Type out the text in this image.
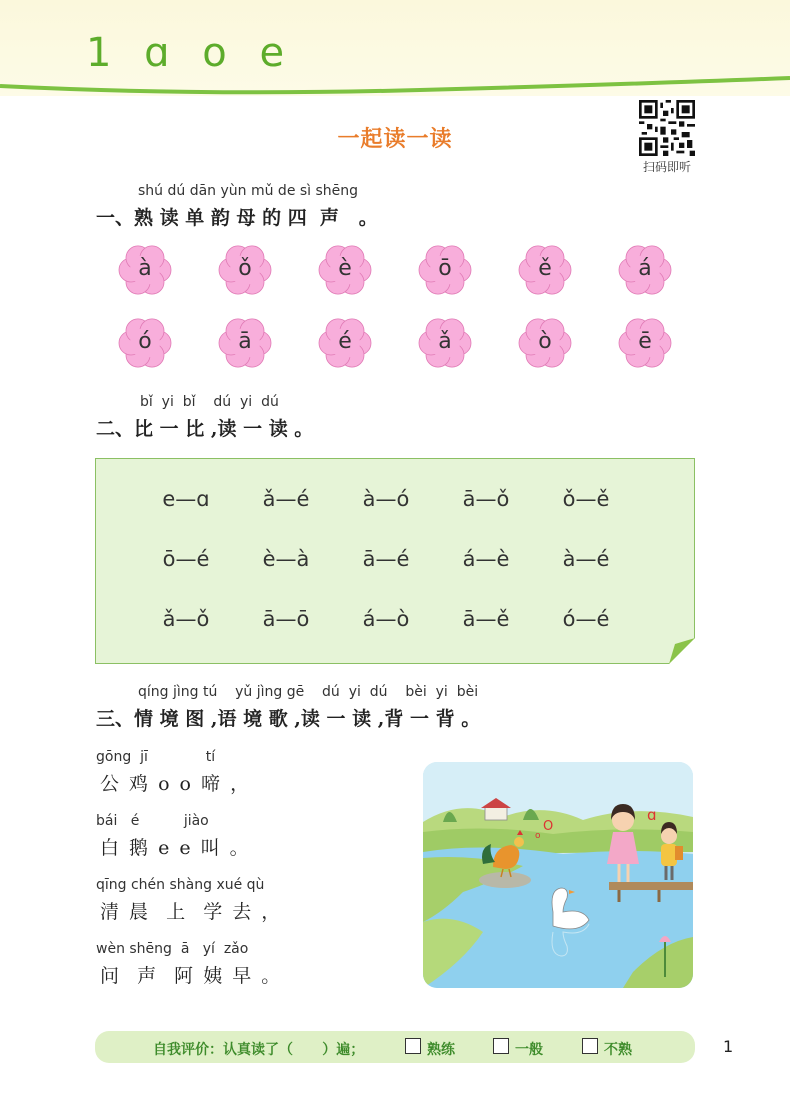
1 ɑ o e
一起读一读
扫码即听
shú dú dān yùn mǔ de sì shēng
一、熟 读 单 韵 母 的 四  声   。
à	ǒ	è	ō	ě	á
ó	ā	é	ǎ	ò	ē
bǐ  yi  bǐ    dú  yi  dú
二、比 一 比 ,读 一 读 。
e—ɑ	ǎ—é	à—ó	ā—ǒ	ǒ—ě
ō—é	è—à	ā—é	á—è	à—é
ǎ—ǒ	ā—ō	á—ò	ā—ě	ó—é
qíng jìng tú    yǔ jìng gē    dú  yi  dú    bèi  yi  bèi
三、情 境 图 ,语 境 歌 ,读 一 读 ,背 一 背 。
gōng  jī             tí
公 鸡 o o 啼 ，
bái   é          jiào
白 鹅 e e 叫 。
qīng chén shàng xué qù
清 晨  上  学 去 ，
wèn shēng  ā   yí  zǎo
问  声  阿 姨 早 。
o
O
ɑ
自我评价：认真读了（      ）遍；	熟练	一般	不熟	1
